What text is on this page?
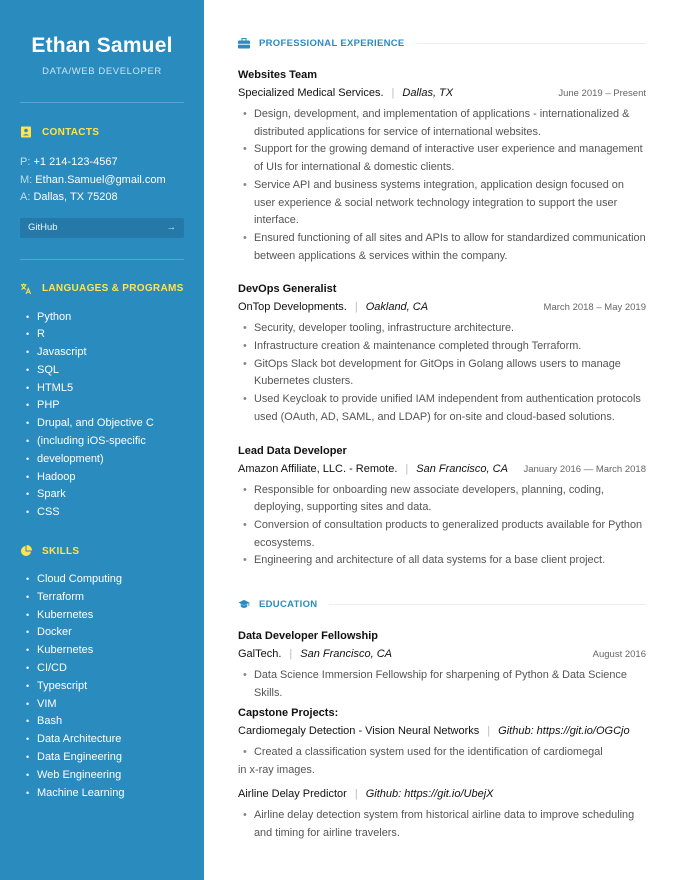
Ethan Samuel
DATA/WEB DEVELOPER
CONTACTS
P: +1 214-123-4567
M: Ethan.Samuel@gmail.com
A: Dallas, TX 75208
GitHub	→
LANGUAGES & PROGRAMS
• Python
• R
• Javascript
• SQL
• HTML5
• PHP
• Drupal, and Objective C
• (including iOS-specific
• development)
• Hadoop
• Spark
• CSS
SKILLS
• Cloud Computing
• Terraform
• Kubernetes
• Docker
• Kubernetes
• CI/CD
• Typescript
• VIM
• Bash
• Data Architecture
• Data Engineering
• Web Engineering
• Machine Learning
PROFESSIONAL EXPERIENCE
Websites Team
Specialized Medical Services. | Dallas, TX	June 2019 – Present
• Design, development, and implementation of applications - internationalized & distributed applications for service of international websites.
• Support for the growing demand of interactive user experience and management of UIs for international & domestic clients.
• Service API and business systems integration, application design focused on user experience & social network technology integration to support the user interface.
• Ensured functioning of all sites and APIs to allow for standardized communication between applications & services within the company.
DevOps Generalist
OnTop Developments. | Oakland, CA	March 2018 – May 2019
• Security, developer tooling, infrastructure architecture.
• Infrastructure creation & maintenance completed through Terraform.
• GitOps Slack bot development for GitOps in Golang allows users to manage Kubernetes clusters.
• Used Keycloak to provide unified IAM independent from authentication protocols used (OAuth, AD, SAML, and LDAP) for on-site and cloud-based solutions.
Lead Data Developer
Amazon Affiliate, LLC. - Remote. | San Francisco, CA January 2016 — March 2018
• Responsible for onboarding new associate developers, planning, coding, deploying, supporting sites and data.
• Conversion of consultation products to generalized products available for Python ecosystems.
• Engineering and architecture of all data systems for a base client project.
EDUCATION
Data Developer Fellowship
GalTech. | San Francisco, CA	August 2016
• Data Science Immersion Fellowship for sharpening of Python & Data Science Skills.
Capstone Projects:
Cardiomegaly Detection - Vision Neural Networks | Github: https://git.io/OGCjo
• Created a classification system used for the identification of cardiomegal
in x-ray images.
Airline Delay Predictor | Github: https://git.io/UbejX
• Airline delay detection system from historical airline data to improve scheduling and timing for airline travelers.
